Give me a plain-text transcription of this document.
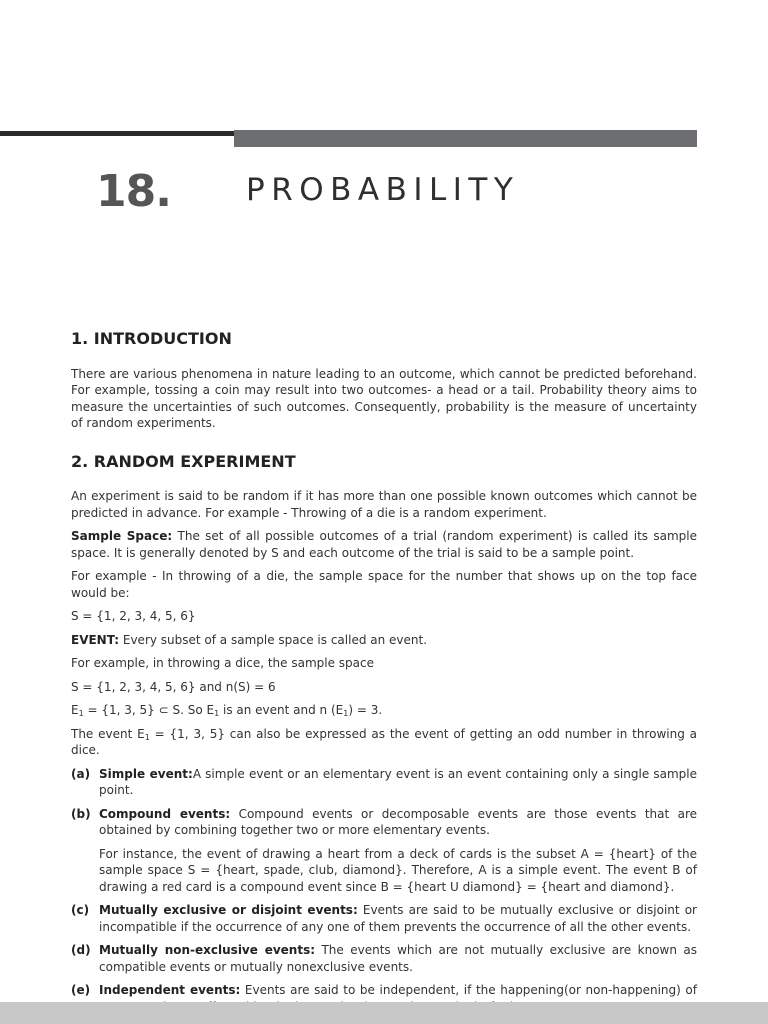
18. PROBABILITY
1. INTRODUCTION

There are various phenomena in nature leading to an outcome, which cannot be predicted beforehand. For example, tossing a coin may result into two outcomes- a head or a tail. Probability theory aims to measure the uncertainties of such outcomes. Consequently, probability is the measure of uncertainty of random experiments.

2. RANDOM EXPERIMENT

An experiment is said to be random if it has more than one possible known outcomes which cannot be predicted in advance. For example - Throwing of a die is a random experiment.

Sample Space: The set of all possible outcomes of a trial (random experiment) is called its sample space. It is generally denoted by S and each outcome of the trial is said to be a sample point.

For example - In throwing of a die, the sample space for the number that shows up on the top face would be:

S = {1, 2, 3, 4, 5, 6}

EVENT: Every subset of a sample space is called an event.

For example, in throwing a dice, the sample space

S = {1, 2, 3, 4, 5, 6} and n(S) = 6

$E_1 = \{1$, 3, 5} ⊂ S. So $E_1$ is an event and n $(E_1) = 3$.

The event $E_1 = \{1$, 3, 5} can also be expressed as the event of getting an odd number in throwing a dice.

(a) Simple event:A simple event or an elementary event is an event containing only a single sample point.

(b) Compound events: Compound events or decomposable events are those events that are obtained by combining together two or more elementary events.

For instance, the event of drawing a heart from a deck of cards is the subset A = {heart} of the sample space S = {heart, spade, club, diamond}. Therefore, A is a simple event. The event B of drawing a red card is a compound event since B = {heart U diamond} = {heart and diamond}.

(c) Mutually exclusive or disjoint events: Events are said to be mutually exclusive or disjoint or incompatible if the occurrence of any one of them prevents the occurrence of all the other events.

(d) Mutually non-exclusive events: The events which are not mutually exclusive are known as compatible events or mutually nonexclusive events.

(e) Independent events: Events are said to be independent, if the happening(or non-happening) of
